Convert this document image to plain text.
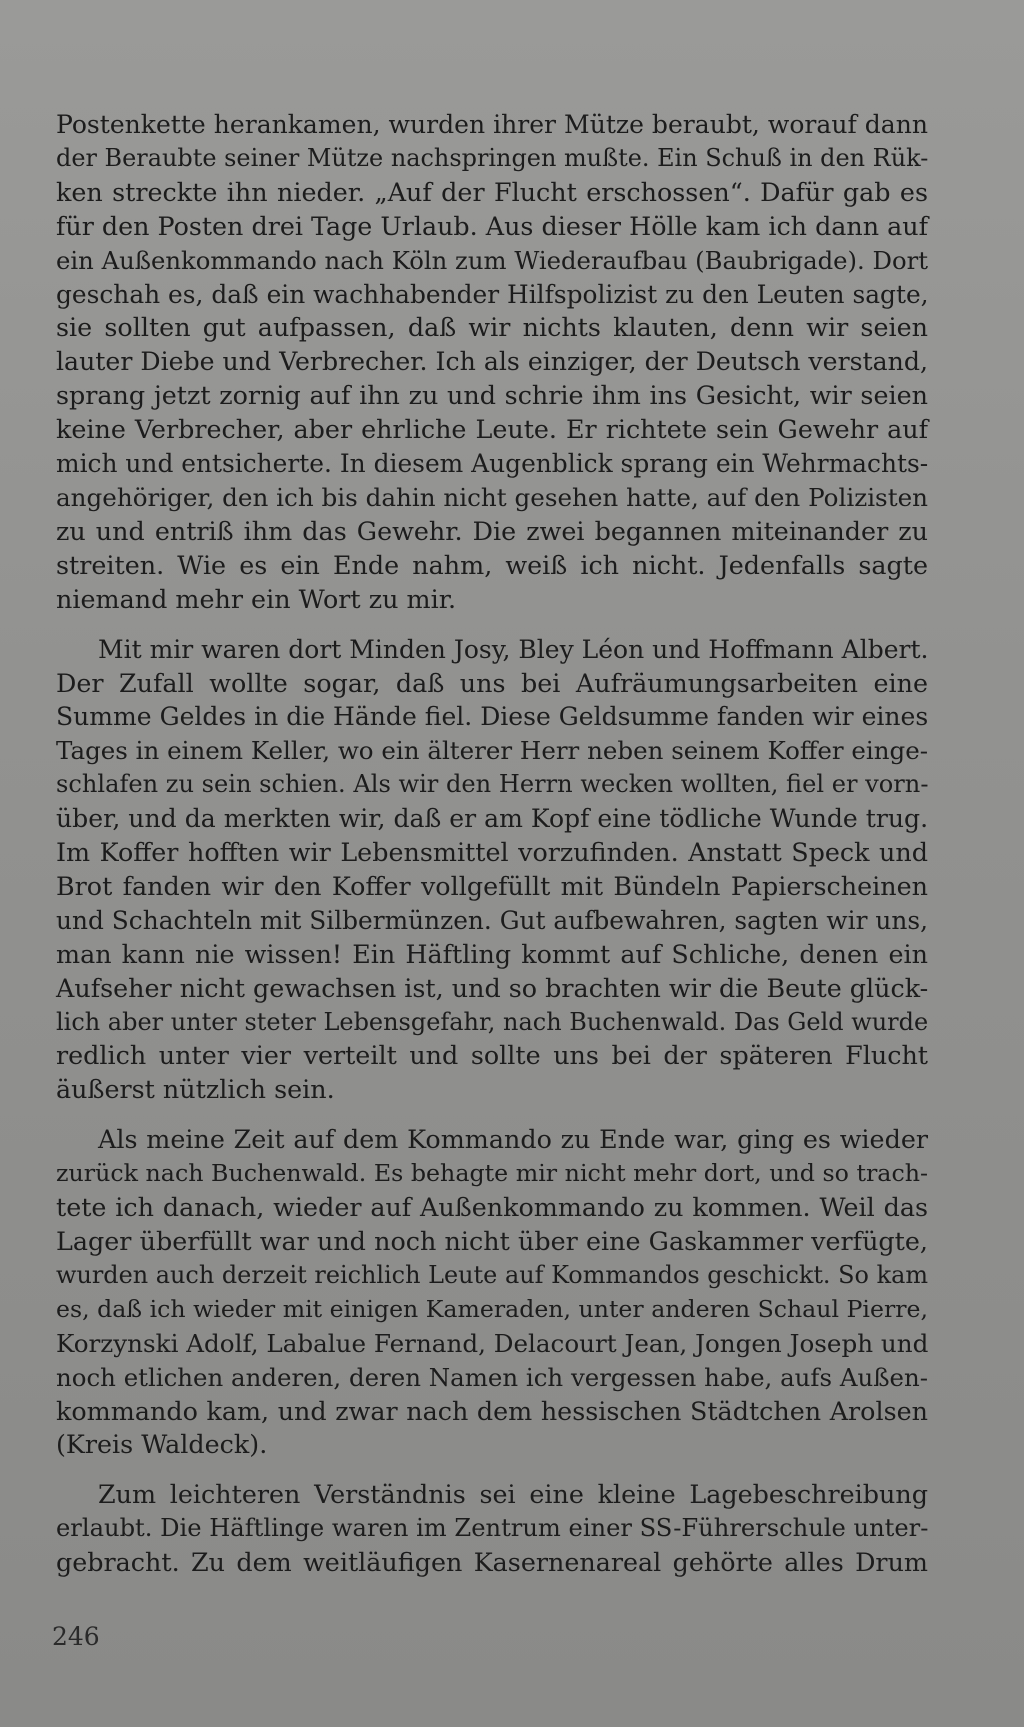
Postenkette herankamen, wurden ihrer Mütze beraubt, worauf dann
der Beraubte seiner Mütze nachspringen mußte. Ein Schuß in den Rük-
ken streckte ihn nieder. „Auf der Flucht erschossen“. Dafür gab es
für den Posten drei Tage Urlaub. Aus dieser Hölle kam ich dann auf
ein Außenkommando nach Köln zum Wiederaufbau (Baubrigade). Dort
geschah es, daß ein wachhabender Hilfspolizist zu den Leuten sagte,
sie sollten gut aufpassen, daß wir nichts klauten, denn wir seien
lauter Diebe und Verbrecher. Ich als einziger, der Deutsch verstand,
sprang jetzt zornig auf ihn zu und schrie ihm ins Gesicht, wir seien
keine Verbrecher, aber ehrliche Leute. Er richtete sein Gewehr auf
mich und entsicherte. In diesem Augenblick sprang ein Wehrmachts-
angehöriger, den ich bis dahin nicht gesehen hatte, auf den Polizisten
zu und entriß ihm das Gewehr. Die zwei begannen miteinander zu
streiten. Wie es ein Ende nahm, weiß ich nicht. Jedenfalls sagte
niemand mehr ein Wort zu mir.

Mit mir waren dort Minden Josy, Bley Léon und Hoffmann Albert.
Der Zufall wollte sogar, daß uns bei Aufräumungsarbeiten eine
Summe Geldes in die Hände fiel. Diese Geldsumme fanden wir eines
Tages in einem Keller, wo ein älterer Herr neben seinem Koffer einge-
schlafen zu sein schien. Als wir den Herrn wecken wollten, fiel er vorn-
über, und da merkten wir, daß er am Kopf eine tödliche Wunde trug.
Im Koffer hofften wir Lebensmittel vorzufinden. Anstatt Speck und
Brot fanden wir den Koffer vollgefüllt mit Bündeln Papierscheinen
und Schachteln mit Silbermünzen. Gut aufbewahren, sagten wir uns,
man kann nie wissen! Ein Häftling kommt auf Schliche, denen ein
Aufseher nicht gewachsen ist, und so brachten wir die Beute glück-
lich aber unter steter Lebensgefahr, nach Buchenwald. Das Geld wurde
redlich unter vier verteilt und sollte uns bei der späteren Flucht
äußerst nützlich sein.

Als meine Zeit auf dem Kommando zu Ende war, ging es wieder
zurück nach Buchenwald. Es behagte mir nicht mehr dort, und so trach-
tete ich danach, wieder auf Außenkommando zu kommen. Weil das
Lager überfüllt war und noch nicht über eine Gaskammer verfügte,
wurden auch derzeit reichlich Leute auf Kommandos geschickt. So kam
es, daß ich wieder mit einigen Kameraden, unter anderen Schaul Pierre,
Korzynski Adolf, Labalue Fernand, Delacourt Jean, Jongen Joseph und
noch etlichen anderen, deren Namen ich vergessen habe, aufs Außen-
kommando kam, und zwar nach dem hessischen Städtchen Arolsen
(Kreis Waldeck).

Zum leichteren Verständnis sei eine kleine Lagebeschreibung
erlaubt. Die Häftlinge waren im Zentrum einer SS-Führerschule unter-
gebracht. Zu dem weitläufigen Kasernenareal gehörte alles Drum

246
